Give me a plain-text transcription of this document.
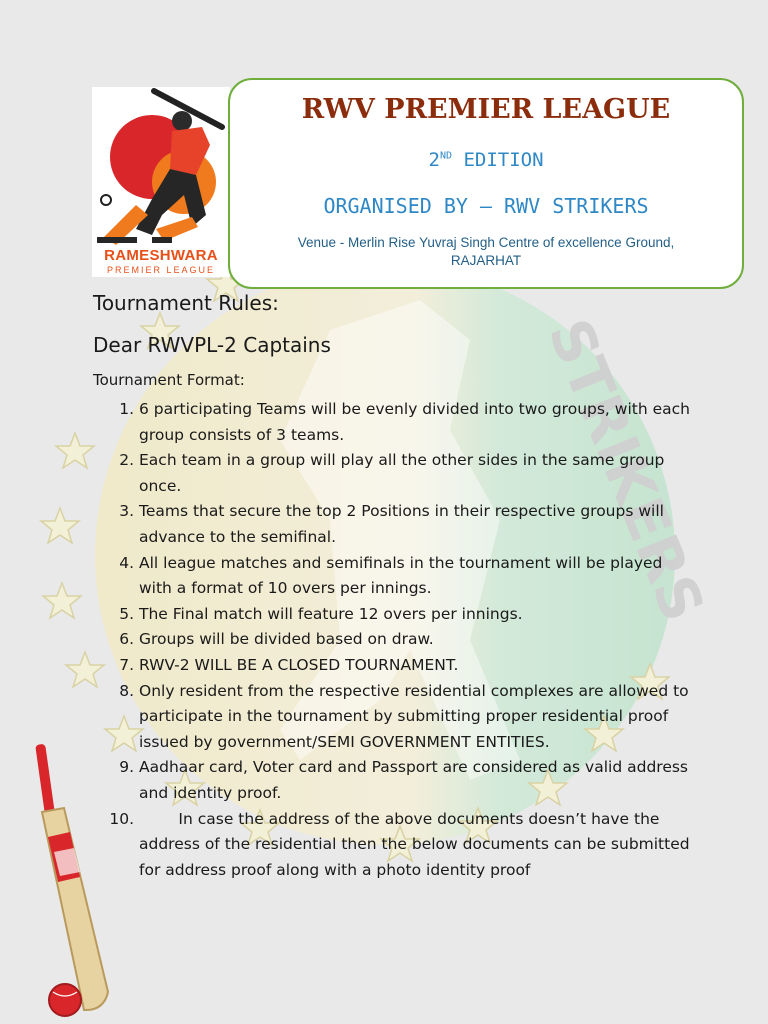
STRIKERS
RAMESHWARA
PREMIER LEAGUE
RWV PREMIER LEAGUE
2ND EDITION
ORGANISED BY – RWV STRIKERS
Venue - Merlin Rise Yuvraj Singh Centre of excellence Ground,
RAJARHAT

Tournament Rules:

Dear RWVPL-2 Captains

Tournament Format:

1. 6 participating Teams will be evenly divided into two groups, with each group consists of 3 teams.
2. Each team in a group will play all the other sides in the same group once.
3. Teams that secure the top 2 Positions in their respective groups will advance to the semifinal.
4. All league matches and semifinals in the tournament will be played with a format of 10 overs per innings.
5. The Final match will feature 12 overs per innings.
6. Groups will be divided based on draw.
7. RWV-2 WILL BE A CLOSED TOURNAMENT.
8. Only resident from the respective residential complexes are allowed to participate in the tournament by submitting proper residential proof issued by government/SEMI GOVERNMENT ENTITIES.
9. Aadhaar card, Voter card and Passport are considered as valid address and identity proof.
10.         In case the address of the above documents doesn’t have the address of the residential then the below documents can be submitted for address proof along with a photo identity proof
